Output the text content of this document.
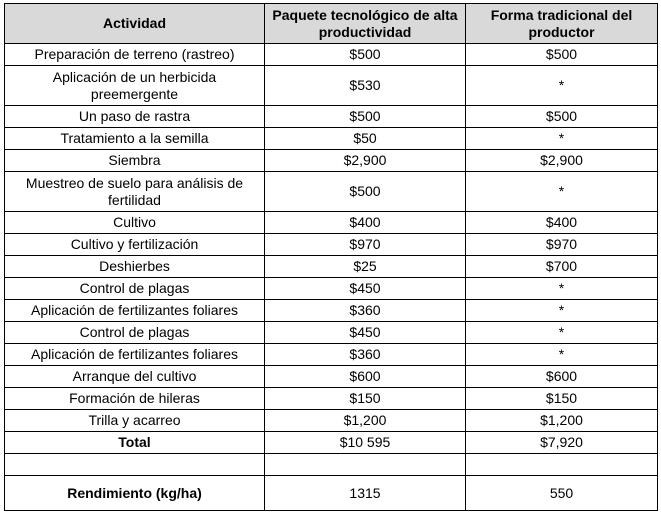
Actividad	Paquete tecnológico de alta productividad	Forma tradicional del productor
Preparación de terreno (rastreo)	$500	$500
Aplicación de un herbicida preemergente	$530	*
Un paso de rastra	$500	$500
Tratamiento a la semilla	$50	*
Siembra	$2,900	$2,900
Muestreo de suelo para análisis de fertilidad	$500	*
Cultivo	$400	$400
Cultivo y fertilización	$970	$970
Deshierbes	$25	$700
Control de plagas	$450	*
Aplicación de fertilizantes foliares	$360	*
Control de plagas	$450	*
Aplicación de fertilizantes foliares	$360	*
Arranque del cultivo	$600	$600
Formación de hileras	$150	$150
Trilla y acarreo	$1,200	$1,200
Total	$10 595	$7,920

Rendimiento (kg/ha)	1315	550
